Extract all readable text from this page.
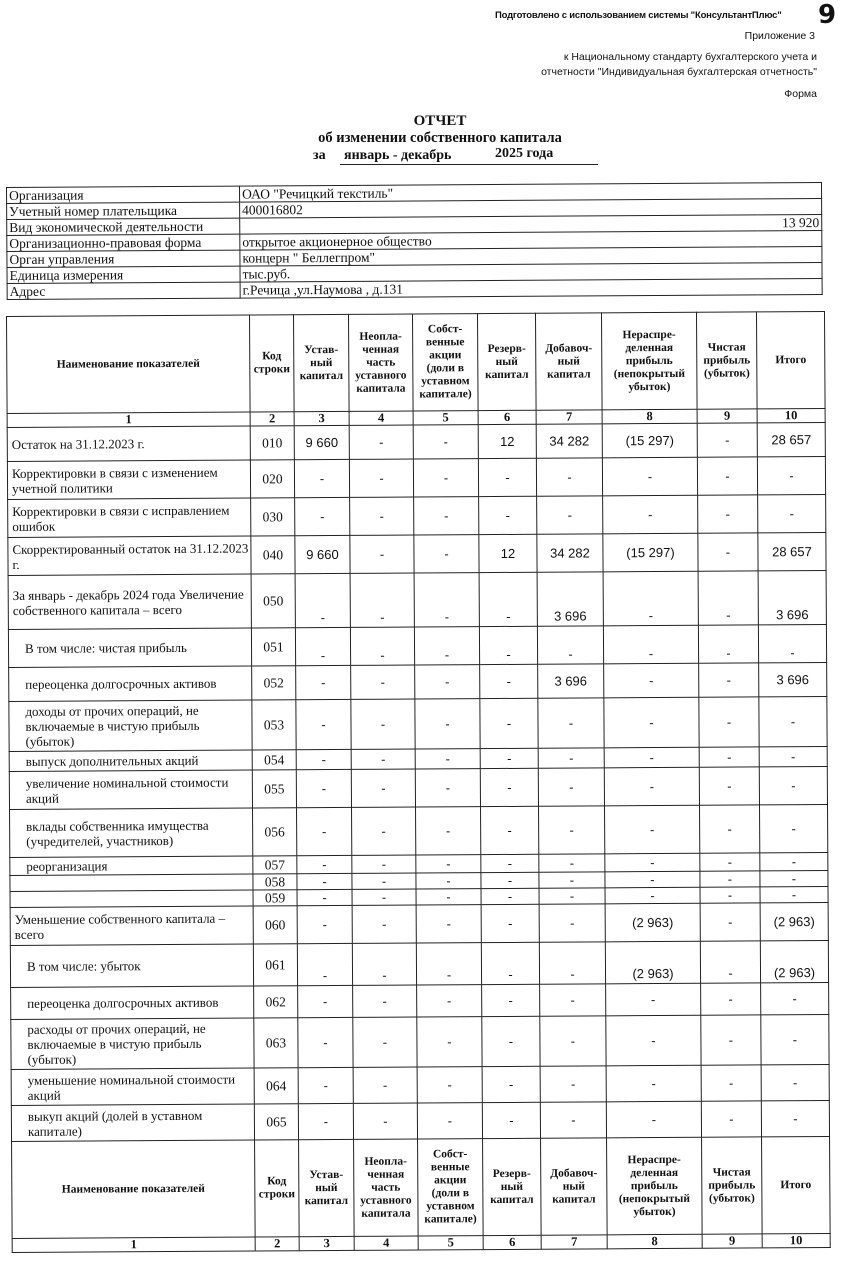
Подготовлено с использованием системы "КонсультантПлюс" 9
Приложение 3
к Национальному стандарту бухгалтерского учета и
отчетности "Индивидуальная бухгалтерская отчетность"
Форма
ОТЧЕТ
об изменении собственного капитала
за январь - декабрь	2025 года
Организация	ОАО "Речицкий текстиль"	
Учетный номер плательщика	400016802	
Вид экономической деятельности		13 920
Организационно-правовая форма	открытое акционерное общество	
Орган управления	концерн " Беллегпром"	
Единица измерения	тыс.руб.	
Адрес	г.Речица ,ул.Наумова , д.131	
Наименование показателей	Код строки	Устав-ный капитал	Неопла-ченная часть уставного капитала	Собст-венные акции (доли в уставном капитале)	Резерв-ный капитал	Добавоч-ный капитал	Нераспре-деленная прибыль (непокрытый убыток)	Чистая прибыль (убыток)	Итого
1	2	3	4	5	6	7	8	9	10
Остаток на 31.12.2023 г.	010	9 660	-	-	12	34 282	(15 297)	-	28 657
Корректировки в связи с изменением учетной политики	020	-	-	-	-	-	-	-	-
Корректировки в связи с исправлением ошибок	030	-	-	-	-	-	-	-	-
Скорректированный остаток на 31.12.2023 г.	040	9 660	-	-	12	34 282	(15 297)	-	28 657
За январь - декабрь 2024 года Увеличение собственного капитала – всего	050	-	-	-	-	3 696	-	-	3 696
В том числе: чистая прибыль	051	-	-	-	-	-	-	-	-
переоценка долгосрочных активов	052	-	-	-	-	3 696	-	-	3 696
доходы от прочих операций, не включаемые в чистую прибыль (убыток)	053	-	-	-	-	-	-	-	-
выпуск дополнительных акций	054	-	-	-	-	-	-	-	-
увеличение номинальной стоимости акций	055	-	-	-	-	-	-	-	-
вклады собственника имущества (учредителей, участников)	056	-	-	-	-	-	-	-	-
реорганизация	057	-	-	-	-	-	-	-	-
	058	-	-	-	-	-	-	-	-
	059	-	-	-	-	-	-	-	-
Уменьшение собственного капитала – всего	060	-	-	-	-	-	(2 963)	-	(2 963)
В том числе: убыток	061	-	-	-	-	-	(2 963)	-	(2 963)
переоценка долгосрочных активов	062	-	-	-	-	-	-	-	-
расходы от прочих операций, не включаемые в чистую прибыль (убыток)	063	-	-	-	-	-	-	-	-
уменьшение номинальной стоимости акций	064	-	-	-	-	-	-	-	-
выкуп акций (долей в уставном капитале)	065	-	-	-	-	-	-	-	-
Наименование показателей	Код строки	Устав-ный капитал	Неопла-ченная часть уставного капитала	Собст-венные акции (доли в уставном капитале)	Резерв-ный капитал	Добавоч-ный капитал	Нераспре-деленная прибыль (непокрытый убыток)	Чистая прибыль (убыток)	Итого
1	2	3	4	5	6	7	8	9	10
